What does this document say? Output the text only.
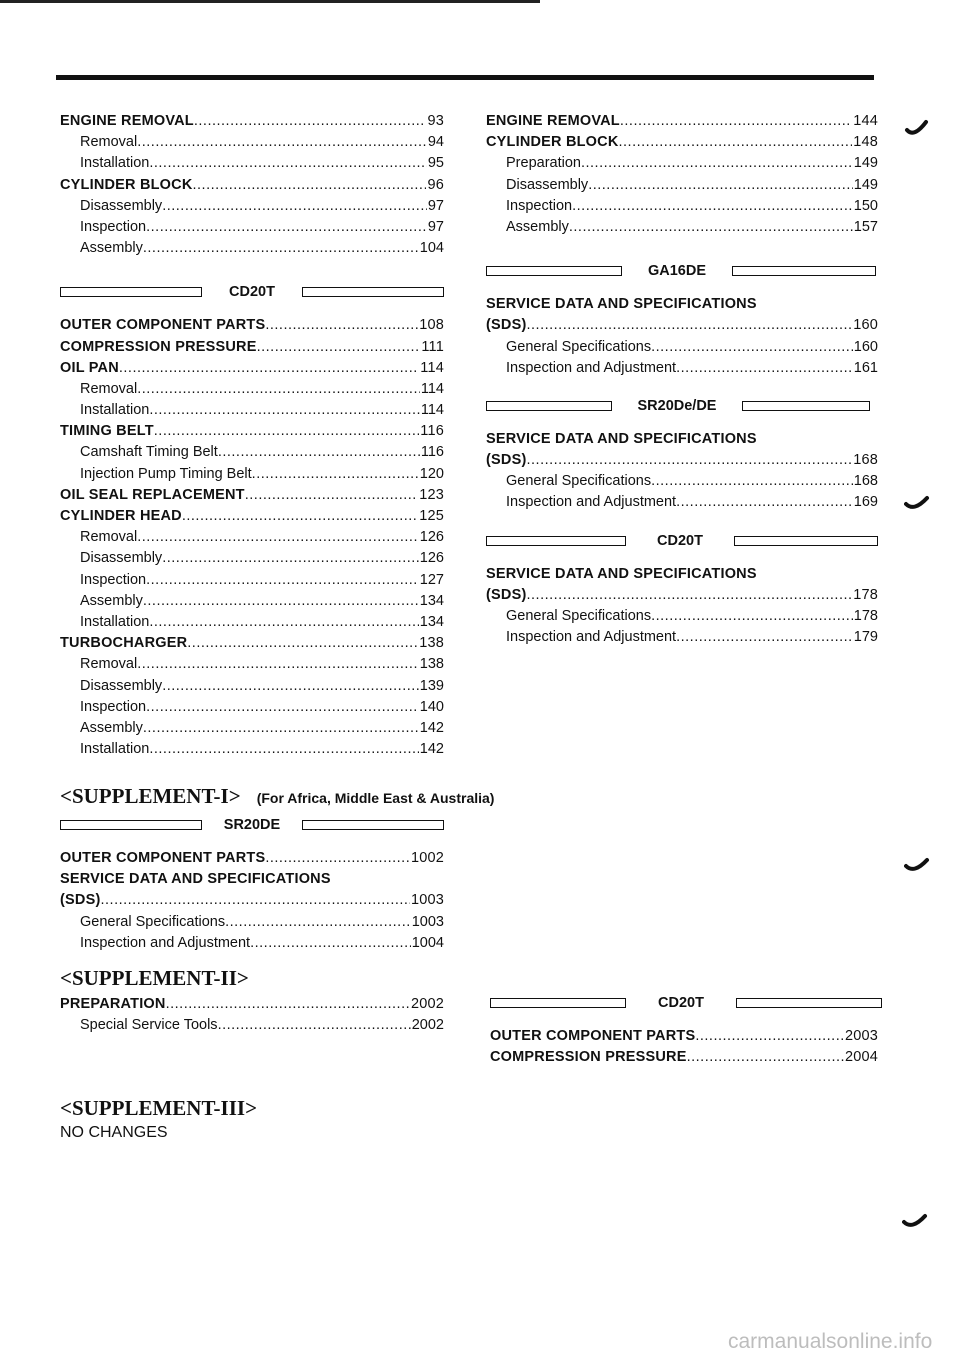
ENGINE REMOVAL .....	93
Removal .....	94
Installation .....	95
CYLINDER BLOCK .....	96
Disassembly .....	97
Inspection .....	97
Assembly .....	104
CD20T
OUTER COMPONENT PARTS .....	108
COMPRESSION PRESSURE .....	111
OIL PAN .....	114
Removal .....	114
Installation .....	114
TIMING BELT .....	116
Camshaft Timing Belt .....	116
Injection Pump Timing Belt .....	120
OIL SEAL REPLACEMENT .....	123
CYLINDER HEAD .....	125
Removal .....	126
Disassembly .....	126
Inspection .....	127
Assembly .....	134
Installation .....	134
TURBOCHARGER .....	138
Removal .....	138
Disassembly .....	139
Inspection .....	140
Assembly .....	142
Installation .....	142
ENGINE REMOVAL .....	144
CYLINDER BLOCK .....	148
Preparation .....	149
Disassembly .....	149
Inspection .....	150
Assembly .....	157
GA16DE
SERVICE DATA AND SPECIFICATIONS
(SDS) .....	160
General Specifications .....	160
Inspection and Adjustment .....	161
SR20De/DE
SERVICE DATA AND SPECIFICATIONS
(SDS) .....	168
General Specifications .....	168
Inspection and Adjustment .....	169
CD20T
SERVICE DATA AND SPECIFICATIONS
(SDS) .....	178
General Specifications .....	178
Inspection and Adjustment .....	179
<SUPPLEMENT-I>	(For Africa, Middle East & Australia)
SR20DE
OUTER COMPONENT PARTS .....	1002
SERVICE DATA AND SPECIFICATIONS
(SDS) .....	1003
General Specifications .....	1003
Inspection and Adjustment .....	1004
<SUPPLEMENT-II>
PREPARATION .....	2002
Special Service Tools .....	2002
CD20T
OUTER COMPONENT PARTS .....	2003
COMPRESSION PRESSURE .....	2004
<SUPPLEMENT-III>
NO CHANGES
carmanualsonline.info
